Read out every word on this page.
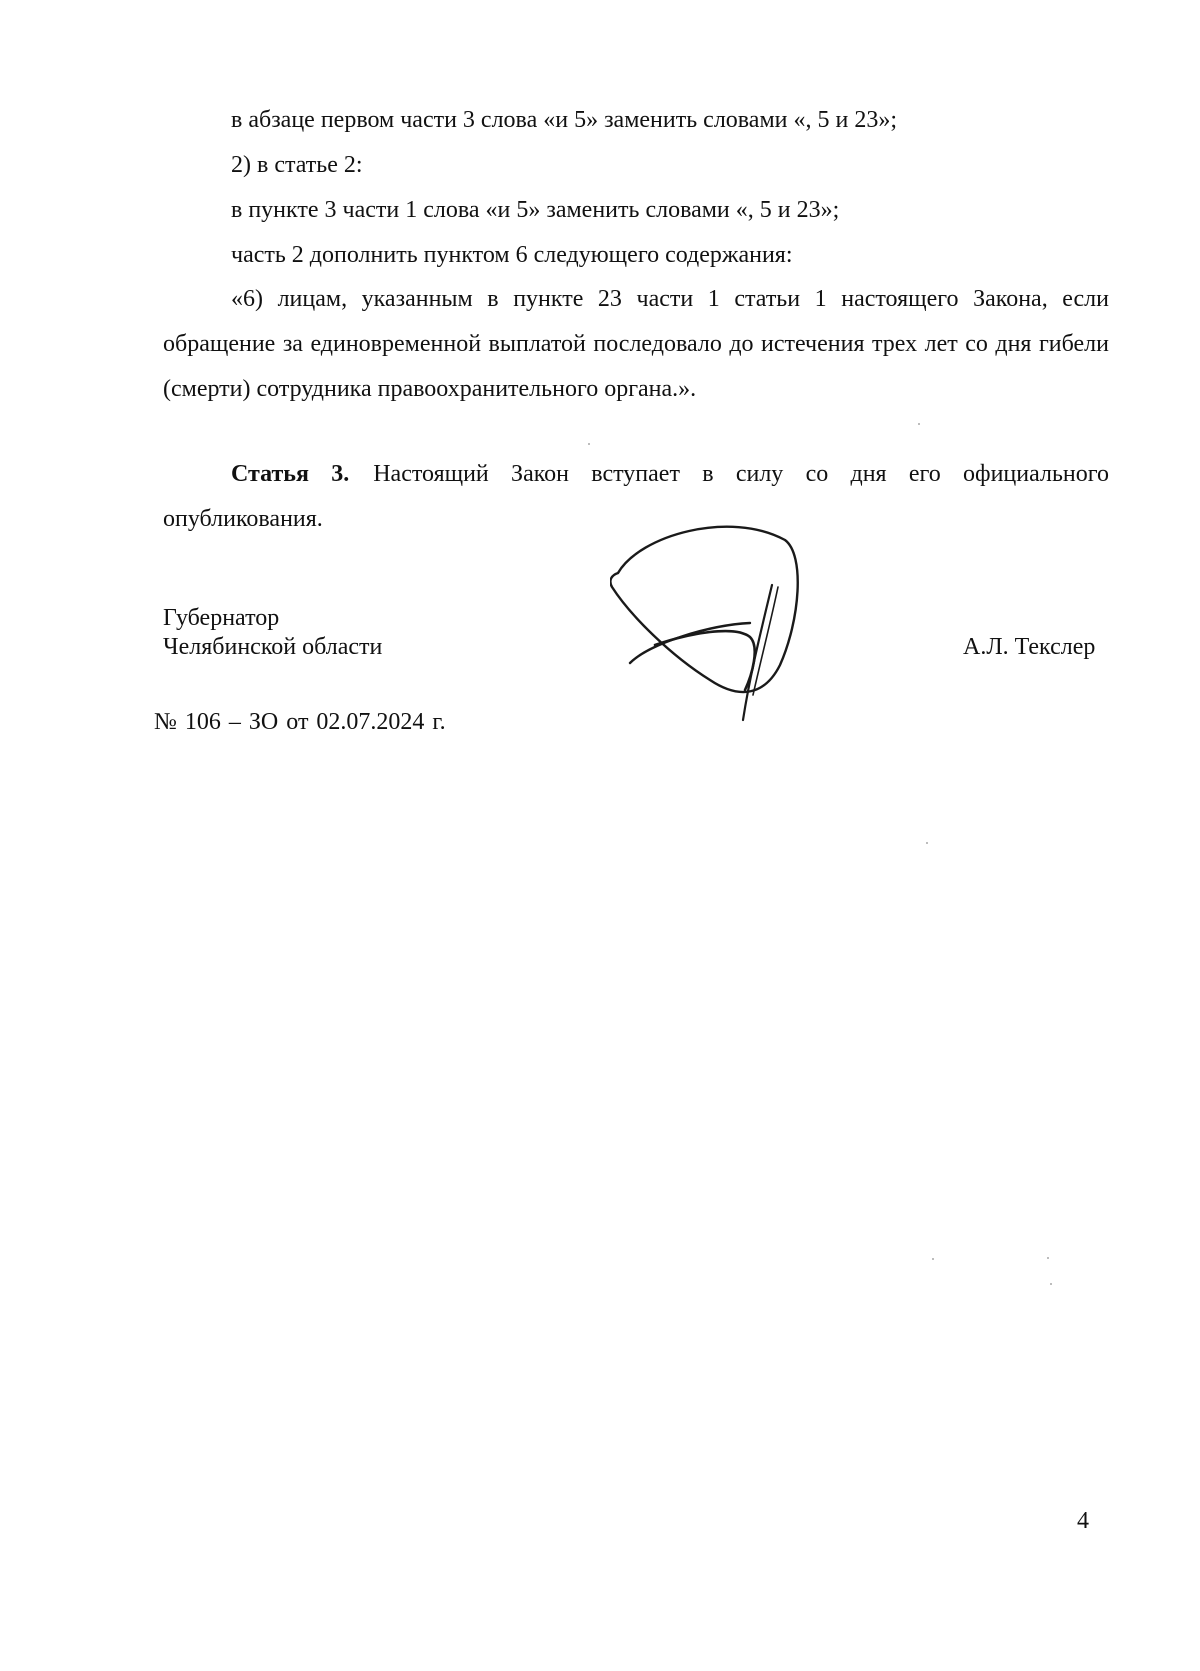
в абзаце первом части 3 слова «и 5» заменить словами «, 5 и 23»;
2) в статье 2:
в пункте 3 части 1 слова «и 5» заменить словами «, 5 и 23»;
часть 2 дополнить пунктом 6 следующего содержания:
«6) лицам, указанным в пункте 23 части 1 статьи 1 настоящего Закона, если обращение за единовременной выплатой последовало до истечения трех лет со дня гибели (смерти) сотрудника правоохранительного органа.».
Статья 3.  Настоящий Закон вступает в силу со дня его официального опубликования.
Губернатор
Челябинской области	А.Л. Текслер
№ 106 – ЗО от 02.07.2024 г.
4
